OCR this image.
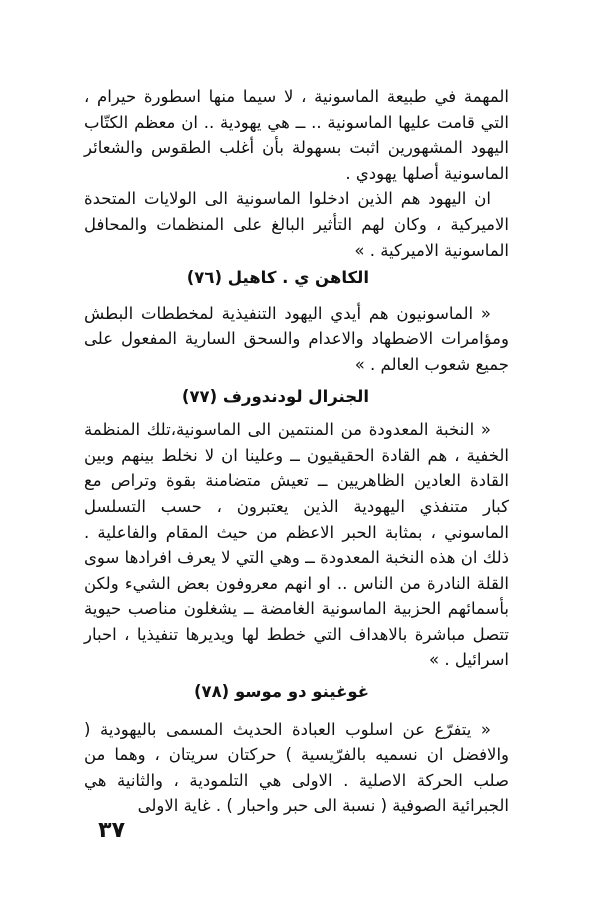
المهمة في طبيعة الماسونية ، لا سيما منها اسطورة حيرام ، التي قامت عليها الماسونية .. ــ هي يهودية .. ان معظم الكتّاب اليهود المشهورين اثبت بسهولة بأن أغلب الطقوس والشعائر الماسونية أصلها يهودي .

ان اليهود هم الذين ادخلوا الماسونية الى الولايات المتحدة الاميركية ، وكان لهم التأثير البالغ على المنظمات والمحافل الماسونية الاميركية . »

الكاهن ي . كاهيل (٧٦)

« الماسونيون هم أيدي اليهود التنفيذية لمخططات البطش ومؤامرات الاضطهاد والاعدام والسحق السارية المفعول على جميع شعوب العالم . »

الجنرال لودندورف (٧٧)

« النخبة المعدودة من المنتمين الى الماسونية،تلك المنظمة الخفية ، هم القادة الحقيقيون ــ وعلينا ان لا نخلط بينهم وبين القادة العادين الظاهريين ــ تعيش متضامنة بقوة وتراص مع كبار متنفذي اليهودية الذين يعتبرون ، حسب التسلسل الماسوني ، بمثابة الحبر الاعظم من حيث المقام والفاعلية . ذلك ان هذه النخبة المعدودة ــ وهي التي لا يعرف افرادها سوى القلة النادرة من الناس .. او انهم معروفون بعض الشيء ولكن بأسمائهم الحزبية الماسونية الغامضة ــ يشغلون مناصب حيوية تتصل مباشرة بالاهداف التي خطط لها ويديرها تنفيذيا ، احبار اسرائيل . »

غوغينو دو موسو (٧٨)

« يتفرّع عن اسلوب العبادة الحديث المسمى باليهودية ( والافضل ان نسميه بالفرّيسية ) حركتان سريتان ، وهما من صلب الحركة الاصلية . الاولى هي التلمودية ، والثانية هي الجبرائية الصوفية ( نسبة الى حبر واحبار ) . غاية الاولى

٣٧
